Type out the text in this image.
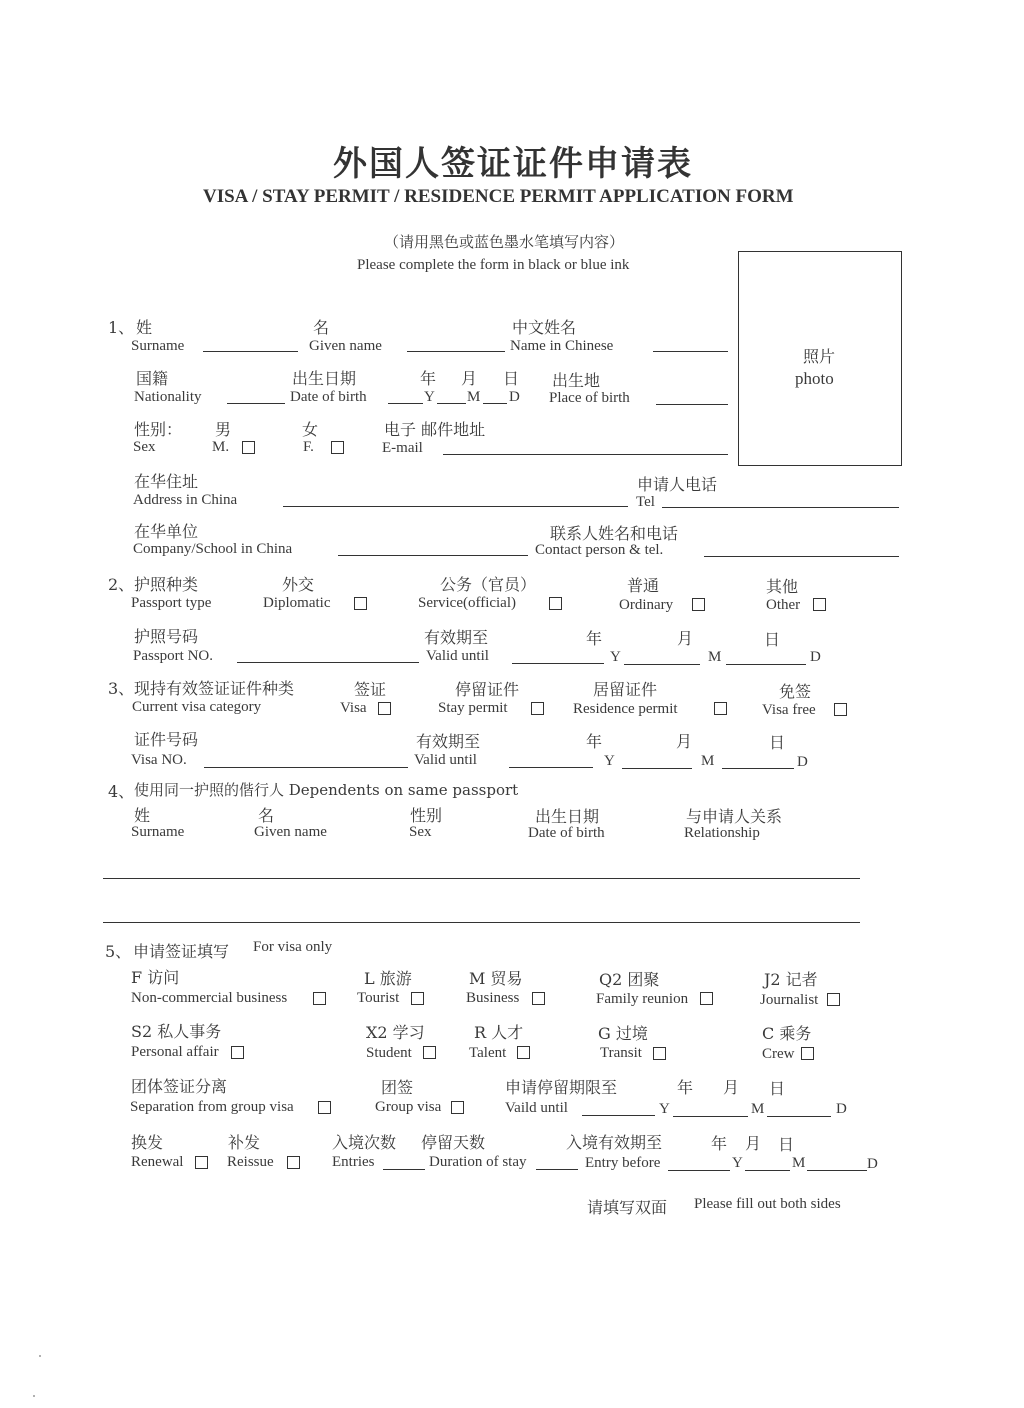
外国人签证证件申请表
VISA / STAY PERMIT / RESIDENCE PERMIT APPLICATION FORM
（请用黑色或蓝色墨水笔填写内容）
Please complete the form in black or blue ink
照片
photo
1、 姓
Surname
名
Given name
中文姓名
Name in Chinese
国籍
Nationality
出生日期
Date of birth
年
Y
月
M
日
D
出生地
Place of birth
性别：
Sex
男
M.
女
F.
电子 邮件地址
E-mail
在华住址
Address in China
申请人电话
Tel
在华单位
Company/School in China
联系人姓名和电话
Contact person & tel.
2、 护照种类
Passport type
外交
Diplomatic
公务（官员）
Service(official)
普通
Ordinary
其他
Other
护照号码
Passport NO.
有效期至
Valid until
年
Y
月
M
日
D
3、 现持有效签证证件种类
Current visa category
签证
Visa
停留证件
Stay permit
居留证件
Residence permit
免签
Visa free
证件号码
Visa NO.
有效期至
Valid until
年
Y
月
M
日
D
4、 使用同一护照的偕行人 Dependents on same passport
姓
Surname
名
Given name
性别
Sex
出生日期
Date of birth
与申请人关系
Relationship
5、 申请签证填写 For visa only
F 访问
Non-commercial business
L 旅游
Tourist
M 贸易
Business
Q2 团聚
Family reunion
J2 记者
Journalist
S2 私人事务
Personal affair
X2 学习
Student
R 人才
Talent
G 过境
Transit
C 乘务
Crew
团体签证分离
Separation from group visa
团签
Group visa
申请停留期限至
Vaild until
年
Y
月
M
日
D
换发
Renewal
补发
Reissue
入境次数
Entries
停留天数
Duration of stay
入境有效期至
Entry before
年
Y
月
M
日
D
请填写双面 Please fill out both sides
